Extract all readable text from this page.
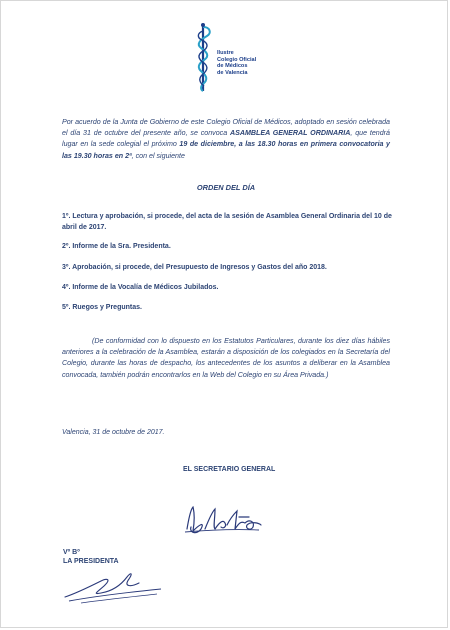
Ilustre
Colegio Oficial
de Médicos
de Valencia
Por acuerdo de la Junta de Gobierno de este Colegio Oficial de Médicos, adoptado en sesión celebrada el día 31 de octubre del presente año, se convoca ASAMBLEA GENERAL ORDINARIA, que tendrá lugar en la sede colegial el próximo 19 de diciembre, a las 18.30 horas en primera convocatoria y las 19.30 horas en 2ª, con el siguiente
ORDEN DEL DÍA
1º. Lectura y aprobación, si procede, del acta de la sesión de Asamblea General Ordinaria del 10 de abril de 2017.
2º. Informe de la Sra. Presidenta.
3º. Aprobación, si procede, del Presupuesto de Ingresos y Gastos del año 2018.
4º. Informe de la Vocalía de Médicos Jubilados.
5º. Ruegos y Preguntas.
(De conformidad con lo dispuesto en los Estatutos Particulares, durante los diez días hábiles anteriores a la celebración de la Asamblea, estarán a disposición de los colegiados en la Secretaría del Colegio, durante las horas de despacho, los antecedentes de los asuntos a deliberar en la Asamblea convocada, también podrán encontrarlos en la Web del Colegio en su Área Privada.)
Valencia, 31 de octubre de 2017.
EL SECRETARIO GENERAL
Vº Bº
LA PRESIDENTA
